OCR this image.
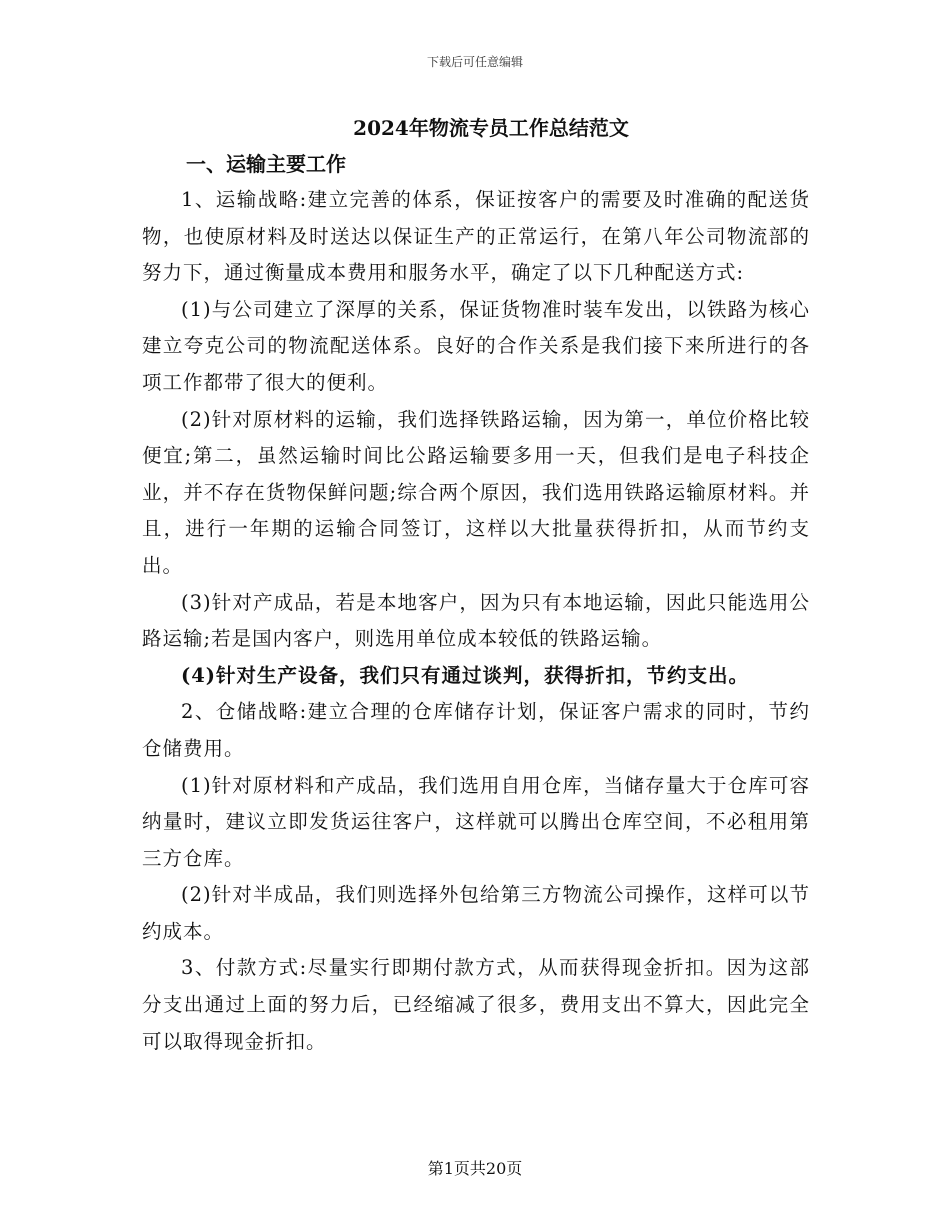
下载后可任意编辑
2024年物流专员工作总结范文
一、运输主要工作

1、运输战略:建立完善的体系，保证按客户的需要及时准确的配送货物，也使原材料及时送达以保证生产的正常运行，在第八年公司物流部的努力下，通过衡量成本费用和服务水平，确定了以下几种配送方式:

(1)与公司建立了深厚的关系，保证货物准时装车发出，以铁路为核心建立夸克公司的物流配送体系。良好的合作关系是我们接下来所进行的各项工作都带了很大的便利。

(2)针对原材料的运输，我们选择铁路运输，因为第一，单位价格比较便宜;第二，虽然运输时间比公路运输要多用一天，但我们是电子科技企业，并不存在货物保鲜问题;综合两个原因，我们选用铁路运输原材料。并且，进行一年期的运输合同签订，这样以大批量获得折扣，从而节约支出。

(3)针对产成品，若是本地客户，因为只有本地运输，因此只能选用公路运输;若是国内客户，则选用单位成本较低的铁路运输。

(4)针对生产设备，我们只有通过谈判，获得折扣，节约支出。

2、仓储战略:建立合理的仓库储存计划，保证客户需求的同时，节约仓储费用。

(1)针对原材料和产成品，我们选用自用仓库，当储存量大于仓库可容纳量时，建议立即发货运往客户，这样就可以腾出仓库空间，不必租用第三方仓库。

(2)针对半成品，我们则选择外包给第三方物流公司操作，这样可以节约成本。

3、付款方式:尽量实行即期付款方式，从而获得现金折扣。因为这部分支出通过上面的努力后，已经缩减了很多，费用支出不算大，因此完全可以取得现金折扣。

第1页共20页
